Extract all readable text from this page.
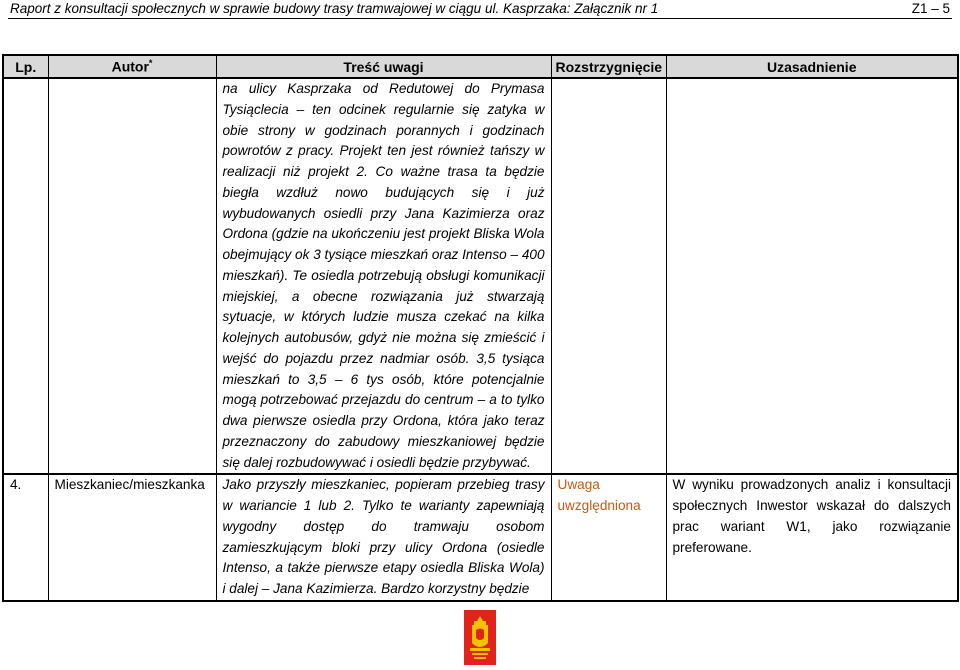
Raport z konsultacji społecznych w sprawie budowy trasy tramwajowej w ciągu ul. Kasprzaka: Załącznik nr 1	Z1 – 5
Lp.	Autor*	Treść uwagi	Rozstrzygnięcie	Uzasadnienie
		na ulicy Kasprzaka od Redutowej do Prymasa Tysiąclecia – ten odcinek regularnie się zatyka w obie strony w godzinach porannych i godzinach powrotów z pracy. Projekt ten jest również tańszy w realizacji niż projekt 2. Co ważne trasa ta będzie biegła wzdłuż nowo budujących się i już wybudowanych osiedli przy Jana Kazimierza oraz Ordona (gdzie na ukończeniu jest projekt Bliska Wola obejmujący ok 3 tysiące mieszkań oraz Intenso – 400 mieszkań). Te osiedla potrzebują obsługi komunikacji miejskiej, a obecne rozwiązania już stwarzają sytuacje, w których ludzie musza czekać na kilka kolejnych autobusów, gdyż nie można się zmieścić i wejść do pojazdu przez nadmiar osób. 3,5 tysiąca mieszkań to 3,5 – 6 tys osób, które potencjalnie mogą potrzebować przejazdu do centrum – a to tylko dwa pierwsze osiedla przy Ordona, która jako teraz przeznaczony do zabudowy mieszkaniowej będzie się dalej rozbudowywać i osiedli będzie przybywać.		
4.	Mieszkaniec/mieszkanka	Jako przyszły mieszkaniec, popieram przebieg trasy w wariancie 1 lub 2. Tylko te warianty zapewniają wygodny dostęp do tramwaju osobom zamieszkującym bloki przy ulicy Ordona (osiedle Intenso, a także pierwsze etapy osiedla Bliska Wola) i dalej – Jana Kazimierza. Bardzo korzystny będzie	Uwaga uwzględniona	W wyniku prowadzonych analiz i konsultacji społecznych Inwestor wskazał do dalszych prac wariant W1, jako rozwiązanie preferowane.
